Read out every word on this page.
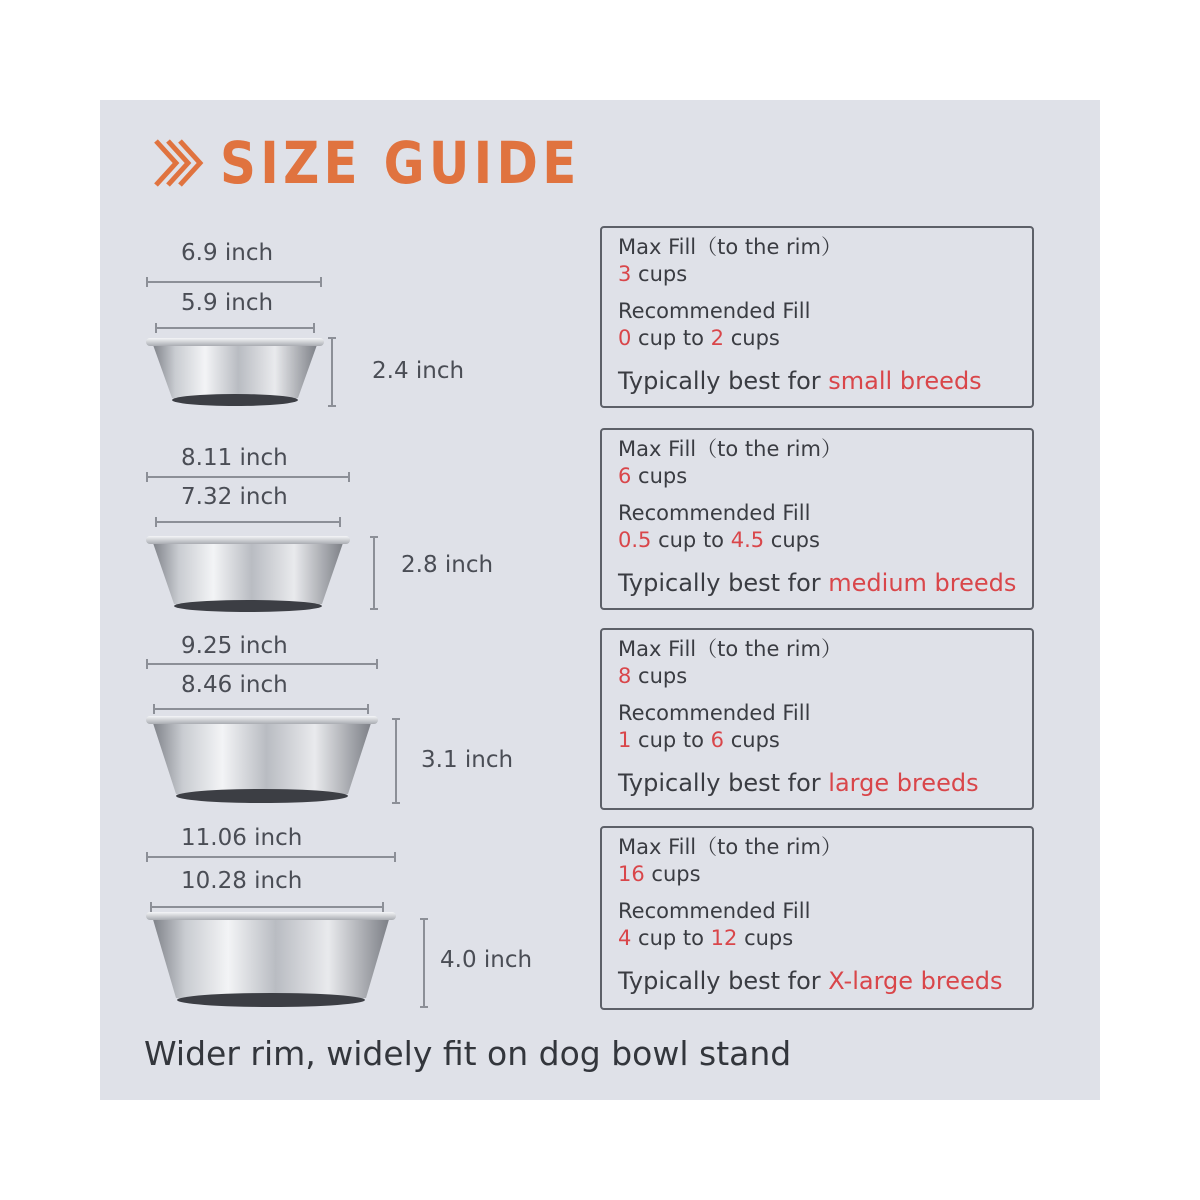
SIZE GUIDE
6.9 inch
5.9 inch
2.4 inch
Max Fill（to the rim）
3 cups
Recommended Fill
0 cup to 2 cups
Typically best for small breeds
8.11 inch
7.32 inch
2.8 inch
Max Fill（to the rim）
6 cups
Recommended Fill
0.5 cup to 4.5 cups
Typically best for medium breeds
9.25 inch
8.46 inch
3.1 inch
Max Fill（to the rim）
8 cups
Recommended Fill
1 cup to 6 cups
Typically best for large breeds
11.06 inch
10.28 inch
4.0 inch
Max Fill（to the rim）
16 cups
Recommended Fill
4 cup to 12 cups
Typically best for X-large breeds
Wider rim, widely fit on dog bowl stand
